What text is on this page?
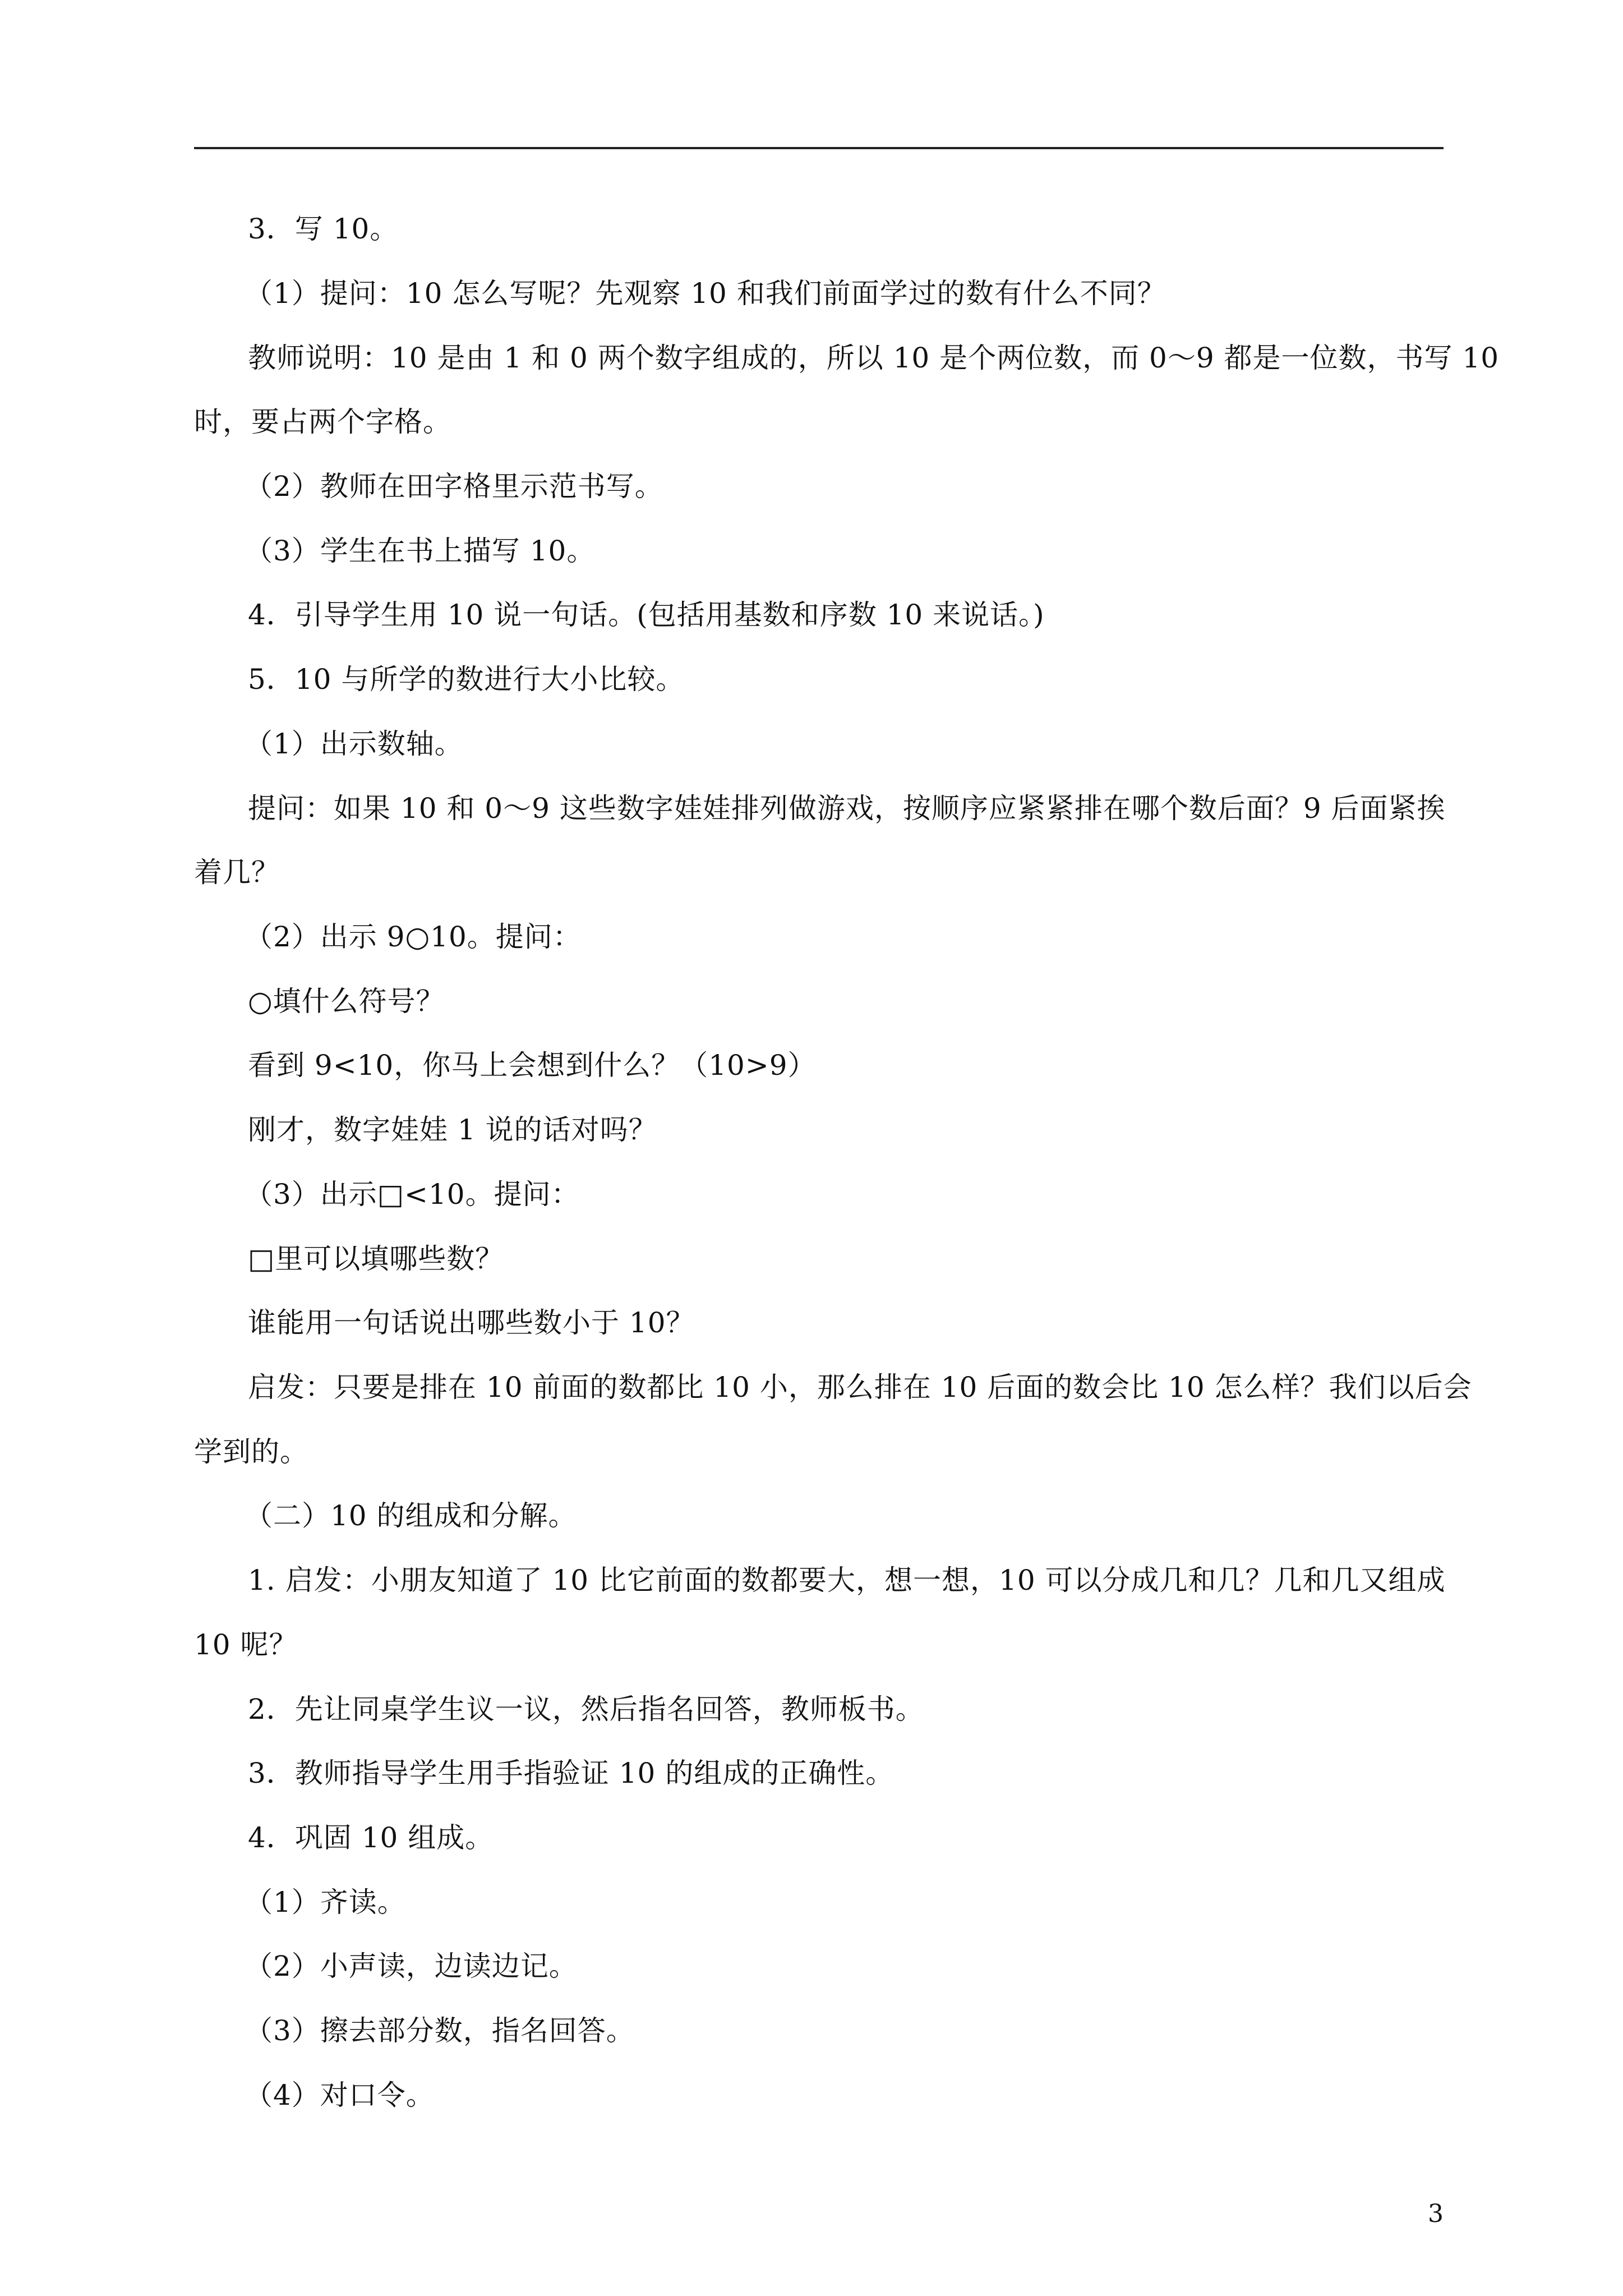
3．写 10。
（1）提问：10 怎么写呢？先观察 10 和我们前面学过的数有什么不同？
教师说明：10 是由 1 和 0 两个数字组成的，所以 10 是个两位数，而 0～9 都是一位数，书写 10
时，要占两个字格。
（2）教师在田字格里示范书写。
（3）学生在书上描写 10。
4．引导学生用 10 说一句话。(包括用基数和序数 10 来说话。)
5．10 与所学的数进行大小比较。
（1）出示数轴。
提问：如果 10 和 0～9 这些数字娃娃排列做游戏，按顺序应紧紧排在哪个数后面？9 后面紧挨
着几？
（2）出示 9○10。提问：
○填什么符号？
看到 9<10，你马上会想到什么？（10>9）
刚才，数字娃娃 1 说的话对吗？
（3）出示□<10。提问：
□里可以填哪些数？
谁能用一句话说出哪些数小于 10？
启发：只要是排在 10 前面的数都比 10 小，那么排在 10 后面的数会比 10 怎么样？我们以后会
学到的。
（二）10 的组成和分解。
1. 启发：小朋友知道了 10 比它前面的数都要大，想一想，10 可以分成几和几？几和几又组成
10 呢？
2．先让同桌学生议一议，然后指名回答，教师板书。
3．教师指导学生用手指验证 10 的组成的正确性。
4．巩固 10 组成。
（1）齐读。
（2）小声读，边读边记。
（3）擦去部分数，指名回答。
（4）对口令。
3
